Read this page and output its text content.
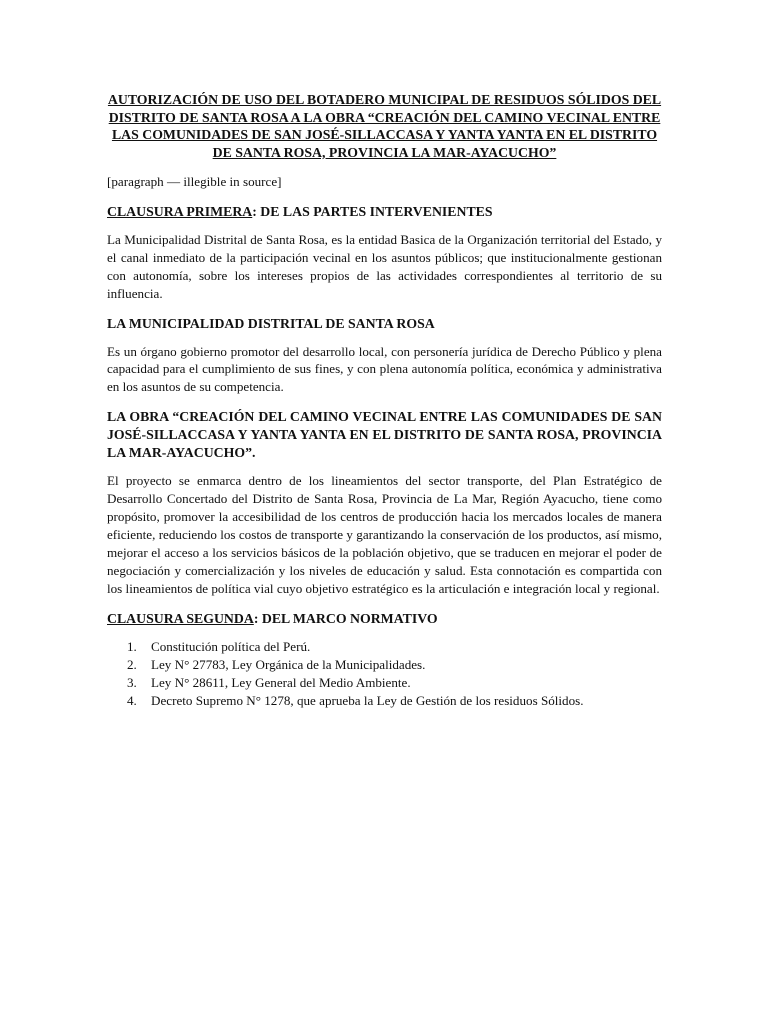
AUTORIZACIÓN DE USO DEL BOTADERO MUNICIPAL DE RESIDUOS SÓLIDOS DEL DISTRITO DE SANTA ROSA A LA OBRA “CREACIÓN DEL CAMINO VECINAL ENTRE LAS COMUNIDADES DE SAN JOSÉ-SILLACCASA Y YANTA YANTA EN EL DISTRITO DE SANTA ROSA, PROVINCIA LA MAR-AYACUCHO”

[paragraph — illegible in source]

CLAUSURA PRIMERA: DE LAS PARTES INTERVENIENTES

La Municipalidad Distrital de Santa Rosa, es la entidad Basica de la Organización territorial del Estado, y el canal inmediato de la participación vecinal en los asuntos públicos; que institucionalmente gestionan con autonomía, sobre los intereses propios de las actividades correspondientes al territorio de su influencia.

LA MUNICIPALIDAD DISTRITAL DE SANTA ROSA

Es un órgano gobierno promotor del desarrollo local, con personería jurídica de Derecho Público y plena capacidad para el cumplimiento de sus fines, y con plena autonomía política, económica y administrativa en los asuntos de su competencia.

LA OBRA “CREACIÓN DEL CAMINO VECINAL ENTRE LAS COMUNIDADES DE SAN JOSÉ-SILLACCASA Y YANTA YANTA EN EL DISTRITO DE SANTA ROSA, PROVINCIA LA MAR-AYACUCHO”.

El proyecto se enmarca dentro de los lineamientos del sector transporte, del Plan Estratégico de Desarrollo Concertado del Distrito de Santa Rosa, Provincia de La Mar, Región Ayacucho, tiene como propósito, promover la accesibilidad de los centros de producción hacia los mercados locales de manera eficiente, reduciendo los costos de transporte y garantizando la conservación de los productos, así mismo, mejorar el acceso a los servicios básicos de la población objetivo, que se traducen en mejorar el poder de negociación y comercialización y los niveles de educación y salud. Esta connotación es compartida con los lineamientos de política vial cuyo objetivo estratégico es la articulación e integración local y regional.

CLAUSURA SEGUNDA: DEL MARCO NORMATIVO

1.	Constitución política del Perú.
2.	Ley N° 27783, Ley Orgánica de la Municipalidades.
3.	Ley N° 28611, Ley General del Medio Ambiente.
4.	Decreto Supremo N° 1278, que aprueba la Ley de Gestión de los residuos Sólidos.
